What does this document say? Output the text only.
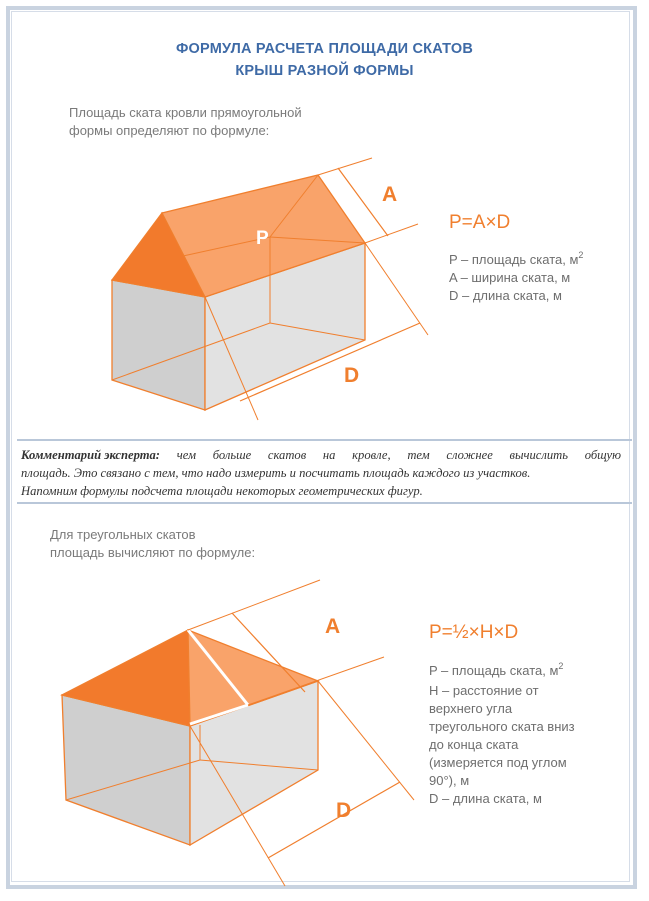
ФОРМУЛА РАСЧЕТА ПЛОЩАДИ СКАТОВ
КРЫШ РАЗНОЙ ФОРМЫ
Площадь ската кровли прямоугольной
формы определяют по формуле:
P
A
D
P=A×D
P – площадь ската, $м^2$
A – ширина ската, м
D – длина ската, м
Комментарий эксперта: чем больше скатов на кровле, тем сложнее вычислить общую
площадь. Это связано с тем, что надо измерить и посчитать площадь каждого из участков.
Напомним формулы подсчета площади некоторых геометрических фигур.
Для треугольных скатов
площадь вычисляют по формуле:
A
D
P=½×H×D
P – площадь ската, $м^2$
H – расстояние от
верхнего угла
треугольного ската вниз
до конца ската
(измеряется под углом
90°), м
D – длина ската, м
